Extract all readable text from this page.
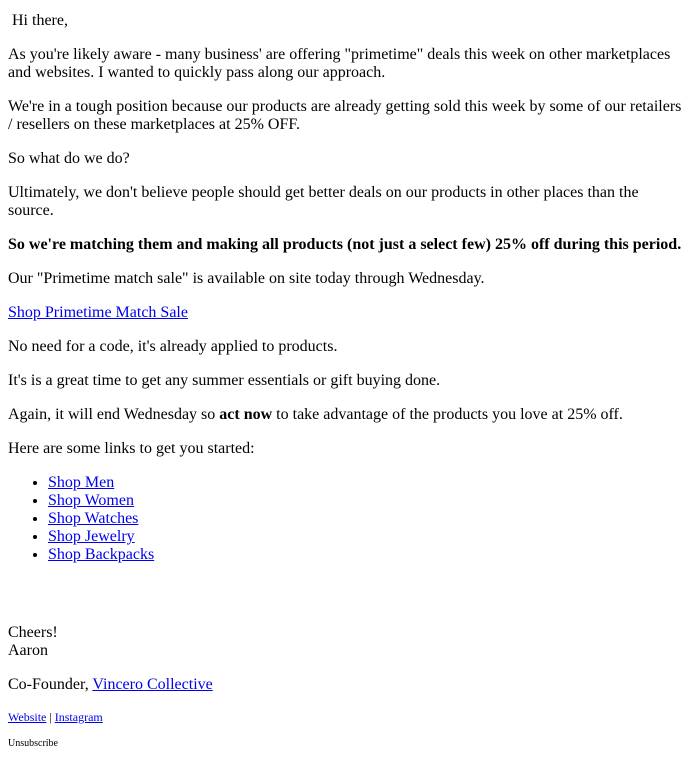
Hi there,

As you're likely aware - many business' are offering "primetime" deals this week on other marketplaces and websites. I wanted to quickly pass along our approach.

We're in a tough position because our products are already getting sold this week by some of our retailers / resellers on these marketplaces at 25% OFF.

So what do we do?

Ultimately, we don't believe people should get better deals on our products in other places than the source.

So we're matching them and making all products (not just a select few) 25% off during this period.

Our "Primetime match sale" is available on site today through Wednesday.

Shop Primetime Match Sale

No need for a code, it's already applied to products.

It's is a great time to get any summer essentials or gift buying done.

Again, it will end Wednesday so act now to take advantage of the products you love at 25% off.

Here are some links to get you started:

• Shop Men
• Shop Women
• Shop Watches
• Shop Jewelry
• Shop Backpacks

Cheers!
Aaron

Co-Founder, Vincero Collective

Website | Instagram

Unsubscribe
